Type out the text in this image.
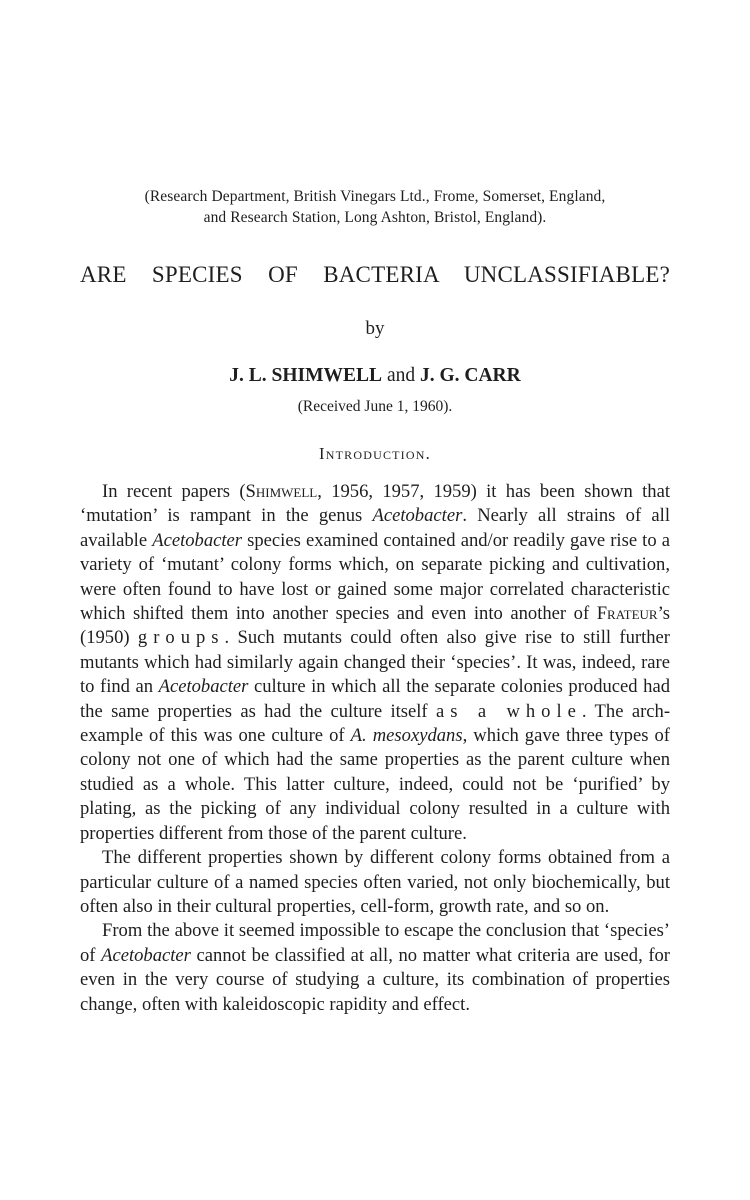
(Research Department, British Vinegars Ltd., Frome, Somerset, England,
and Research Station, Long Ashton, Bristol, England).
ARE SPECIES OF BACTERIA UNCLASSIFIABLE?
by
J. L. SHIMWELL and J. G. CARR
(Received June 1, 1960).
Introduction.

In recent papers (Shimwell, 1956, 1957, 1959) it has been shown that ‘mutation’ is rampant in the genus Acetobacter. Nearly all strains of all available Acetobacter species examined contained and/or readily gave rise to a variety of ‘mutant’ colony forms which, on separate picking and cultivation, were often found to have lost or gained some major correlated characteristic which shifted them into another species and even into another of Frateur’s (1950) groups. Such mutants could often also give rise to still further mutants which had similarly again changed their ‘species’. It was, indeed, rare to find an Acetobacter culture in which all the separate colonies produced had the same properties as had the culture itself as a whole. The arch-example of this was one culture of A. mesoxydans, which gave three types of colony not one of which had the same properties as the parent culture when studied as a whole. This latter culture, indeed, could not be ‘purified’ by plating, as the picking of any individual colony resulted in a culture with properties different from those of the parent culture.

The different properties shown by different colony forms obtained from a particular culture of a named species often varied, not only biochemically, but often also in their cultural properties, cell-form, growth rate, and so on.

From the above it seemed impossible to escape the conclusion that ‘species’ of Acetobacter cannot be classified at all, no matter what criteria are used, for even in the very course of studying a culture, its combination of properties change, often with kaleidoscopic rapidity and effect.
